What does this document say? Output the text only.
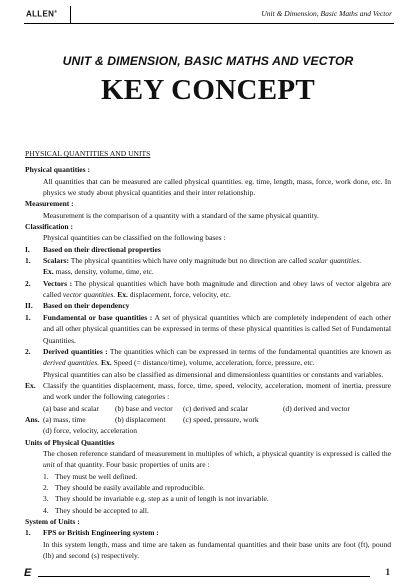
ALLEN®	Unit & Dimension, Basic Maths and Vector
UNIT & DIMENSION, BASIC MATHS AND VECTOR
KEY CONCEPT

PHYSICAL QUANTITIES AND UNITS

Physical quantities :

All quantities that can be measured are called physical quantities. eg. time, length, mass, force, work done, etc. In physics we study about physical quantities and their inter relationship.

Measurement :

Measurement is the comparison of a quantity with a standard of the same physical quantity.

Classification :

Physical quantities can be classified on the following bases :

I.	Based on their directional properties
1.	Scalars: The physical quantities which have only magnitude but no direction are called scalar quantities.
Ex. mass, density, volume, time, etc.
2.	Vectors : The physical quantities which have both magnitude and direction and obey laws of vector algebra are called vector quantities. Ex. displacement, force, velocity, etc.
II.	Based on their dependency
1.	Fundamental or base quantities : A set of physical quantities which are completely independent of each other and all other physical quantities can be expressed in terms of these physical quantities is called Set of Fundamental Quantities.
2.	Derived quantities : The quantities which can be expressed in terms of the fundamental quantities are known as derived quantities. Ex. Speed (= distance/time), volume, acceleration, force, pressure, etc.

Physical quantities can also be classified as dimensional and dimensionless quantities or constants and variables.

Ex. Classify the quantities displacement, mass, force, time, speed, velocity, acceleration, moment of inertia, pressure and work under the following categories :

(a) base and scalar	(b) base and vector	(c) derived and scalar	(d) derived and vector
Ans. (a) mass, time	(b) displacement	(c) speed, pressure, work
(d) force, velocity, acceleration

Units of Physical Quantities

The chosen reference standard of measurement in multiples of which, a physical quantity is expressed is called the unit of that quantity. Four basic properties of units are :

1. They must be well defined.
2. They should be easily available and reproducible.
3. They should be invariable e.g. step as a unit of length is not invariable.
4. They should be accepted to all.

System of Units :

1.	FPS or British Engineering system :
In this system length, mass and time are taken as fundamental quantities and their base units are foot (ft), pound (lb) and second (s) respectively.
E	1
